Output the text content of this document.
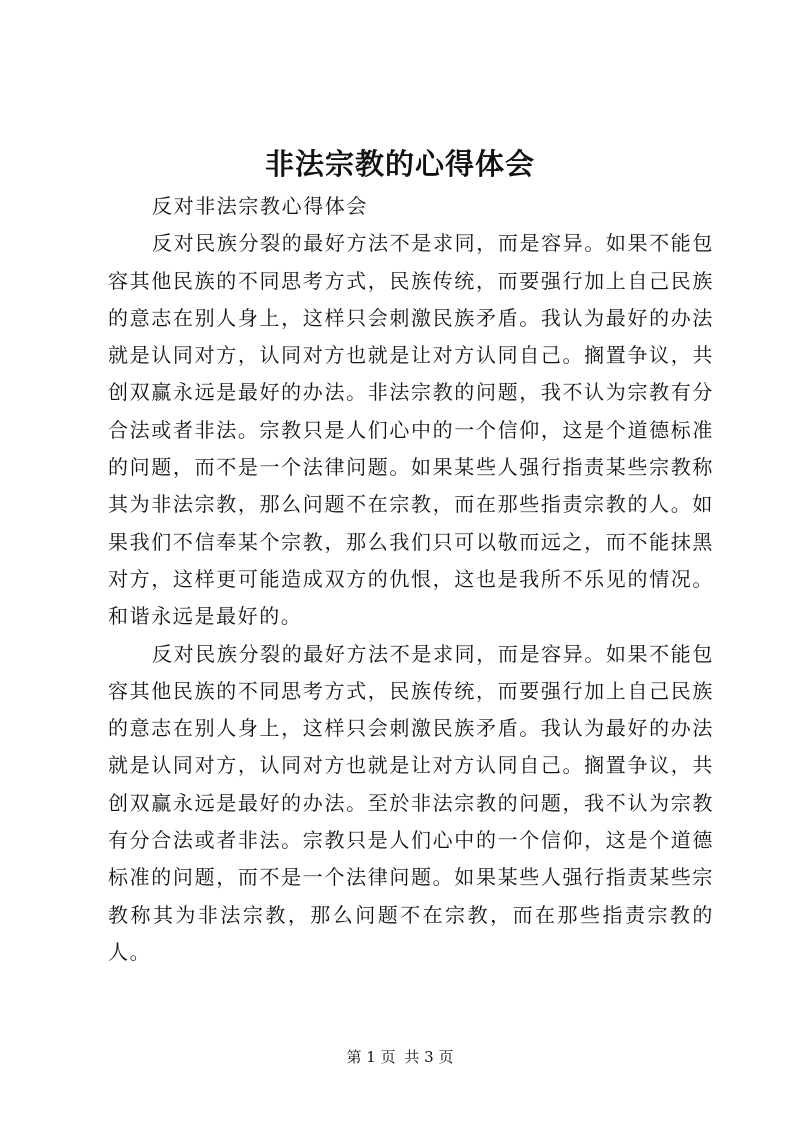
非法宗教的心得体会

反对非法宗教心得体会

反对民族分裂的最好方法不是求同，而是容异。如果不能包容其他民族的不同思考方式，民族传统，而要强行加上自己民族的意志在别人身上，这样只会刺激民族矛盾。我认为最好的办法就是认同对方，认同对方也就是让对方认同自己。搁置争议，共创双赢永远是最好的办法。非法宗教的问题，我不认为宗教有分合法或者非法。宗教只是人们心中的一个信仰，这是个道德标准的问题，而不是一个法律问题。如果某些人强行指责某些宗教称其为非法宗教，那么问题不在宗教，而在那些指责宗教的人。如果我们不信奉某个宗教，那么我们只可以敬而远之，而不能抹黑对方，这样更可能造成双方的仇恨，这也是我所不乐见的情况。和谐永远是最好的。

反对民族分裂的最好方法不是求同，而是容异。如果不能包容其他民族的不同思考方式，民族传统，而要强行加上自己民族的意志在别人身上，这样只会刺激民族矛盾。我认为最好的办法就是认同对方，认同对方也就是让对方认同自己。搁置争议，共创双赢永远是最好的办法。至於非法宗教的问题，我不认为宗教有分合法或者非法。宗教只是人们心中的一个信仰，这是个道德标准的问题，而不是一个法律问题。如果某些人强行指责某些宗教称其为非法宗教，那么问题不在宗教，而在那些指责宗教的人。

第 1 页 共 3 页
